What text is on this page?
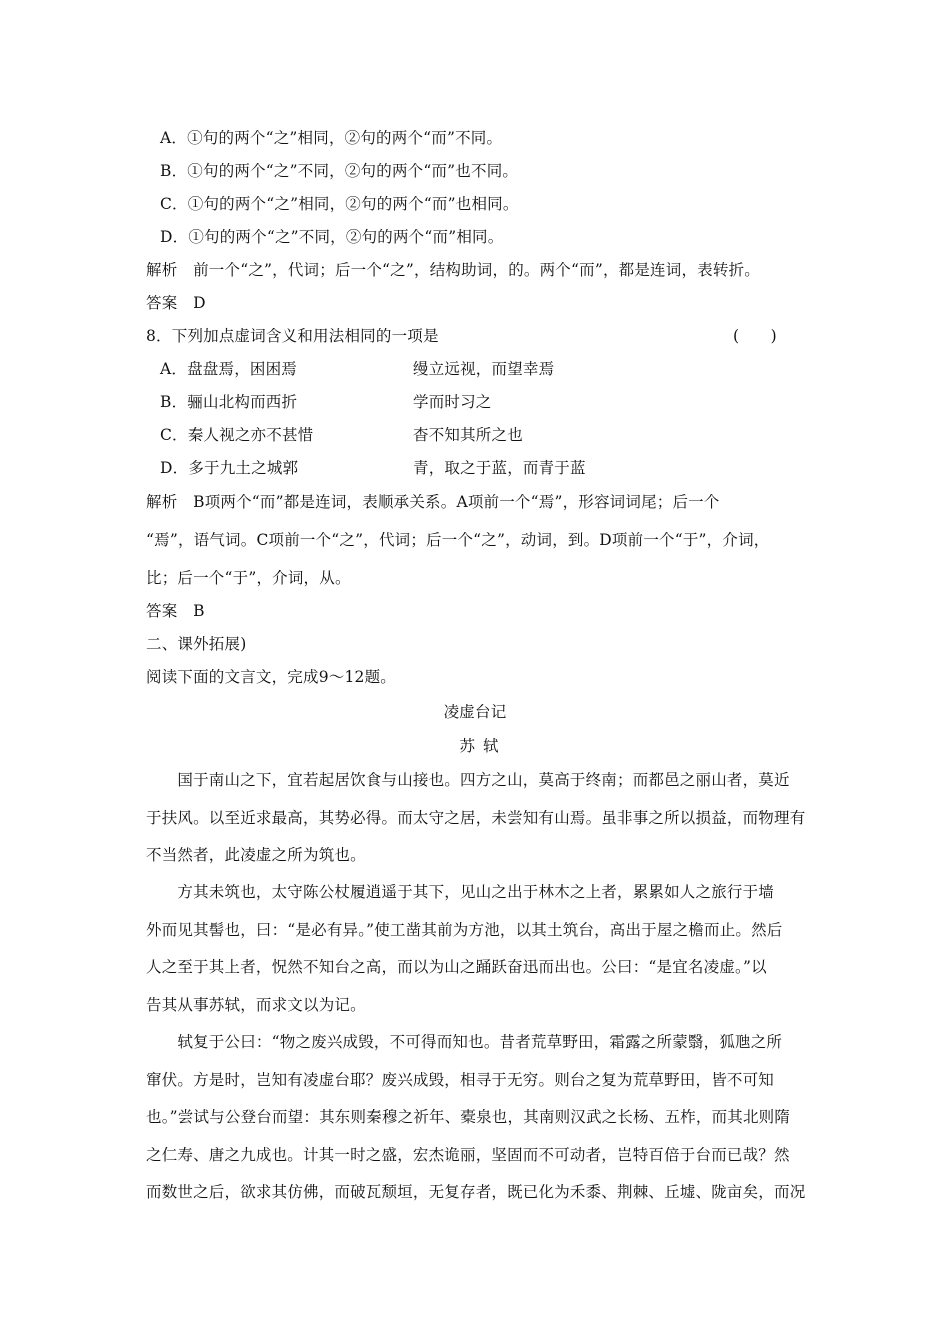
A．①句的两个“之”相同，②句的两个“而”不同。
B．①句的两个“之”不同，②句的两个“而”也不同。
C．①句的两个“之”相同，②句的两个“而”也相同。
D．①句的两个“之”不同，②句的两个“而”相同。
解析　前一个“之”，代词；后一个“之”，结构助词，的。两个“而”，都是连词，表转折。
答案　D
8．下列加点虚词含义和用法相同的一项是	(　　)
A．盘盘焉，困困焉	缦立远视，而望幸焉
B．骊山北构而西折	学而时习之
C．秦人视之亦不甚惜	杳不知其所之也
D．多于九土之城郭	青，取之于蓝，而青于蓝
解析　B项两个“而”都是连词，表顺承关系。A项前一个“焉”，形容词词尾；后一个
“焉”，语气词。C项前一个“之”，代词；后一个“之”，动词，到。D项前一个“于”，介词，
比；后一个“于”，介词，从。
答案　B
二、课外拓展)
阅读下面的文言文，完成9～12题。
凌虚台记
苏轼
　　国于南山之下，宜若起居饮食与山接也。四方之山，莫高于终南；而都邑之丽山者，莫近
于扶风。以至近求最高，其势必得。而太守之居，未尝知有山焉。虽非事之所以损益，而物理有
不当然者，此凌虚之所为筑也。
　　方其未筑也，太守陈公杖履逍遥于其下，见山之出于林木之上者，累累如人之旅行于墙
外而见其髻也，曰：“是必有异。”使工凿其前为方池，以其土筑台，高出于屋之檐而止。然后
人之至于其上者，怳然不知台之高，而以为山之踊跃奋迅而出也。公曰：“是宜名凌虚。”以
告其从事苏轼，而求文以为记。
　　轼复于公曰：“物之废兴成毁，不可得而知也。昔者荒草野田，霜露之所蒙翳，狐虺之所
窜伏。方是时，岂知有凌虚台耶？废兴成毁，相寻于无穷。则台之复为荒草野田，皆不可知
也。”尝试与公登台而望：其东则秦穆之祈年、橐泉也，其南则汉武之长杨、五柞，而其北则隋
之仁寿、唐之九成也。计其一时之盛，宏杰诡丽，坚固而不可动者，岂特百倍于台而已哉？然
而数世之后，欲求其仿佛，而破瓦颓垣，无复存者，既已化为禾黍、荆棘、丘墟、陇亩矣，而况
